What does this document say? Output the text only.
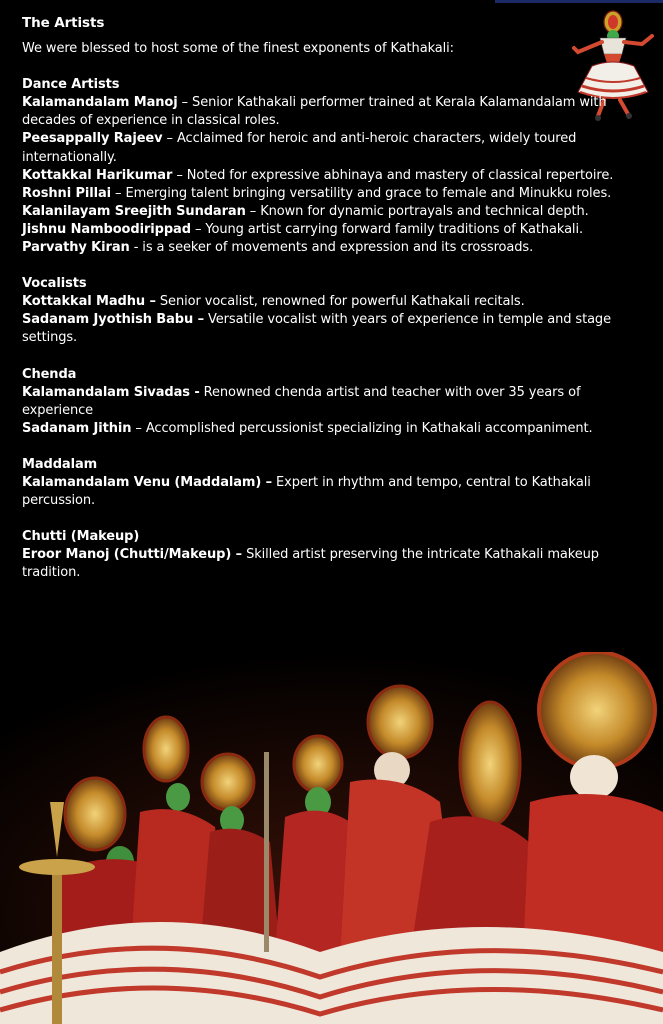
The Artists
We were blessed to host some of the finest exponents of Kathakali:
Dance Artists
Kalamandalam Manoj – Senior Kathakali performer trained at Kerala Kalamandalam with decades of experience in classical roles.
Peesappally Rajeev – Acclaimed for heroic and anti-heroic characters, widely toured internationally.
Kottakkal Harikumar – Noted for expressive abhinaya and mastery of classical repertoire.
Roshni Pillai – Emerging talent bringing versatility and grace to female and Minukku roles.
Kalanilayam Sreejith Sundaran – Known for dynamic portrayals and technical depth.
Jishnu Namboodirippad – Young artist carrying forward family traditions of Kathakali.
Parvathy Kiran - is a seeker of movements and expression and its crossroads.
Vocalists
Kottakkal Madhu – Senior vocalist, renowned for powerful Kathakali recitals.
Sadanam Jyothish Babu – Versatile vocalist with years of experience in temple and stage settings.
Chenda
Kalamandalam Sivadas - Renowned chenda artist and teacher with over 35 years of experience
Sadanam Jithin – Accomplished percussionist specializing in Kathakali accompaniment.
Maddalam
Kalamandalam Venu (Maddalam) – Expert in rhythm and tempo, central to Kathakali percussion.
Chutti (Makeup)
Eroor Manoj (Chutti/Makeup) – Skilled artist preserving the intricate Kathakali makeup tradition.
